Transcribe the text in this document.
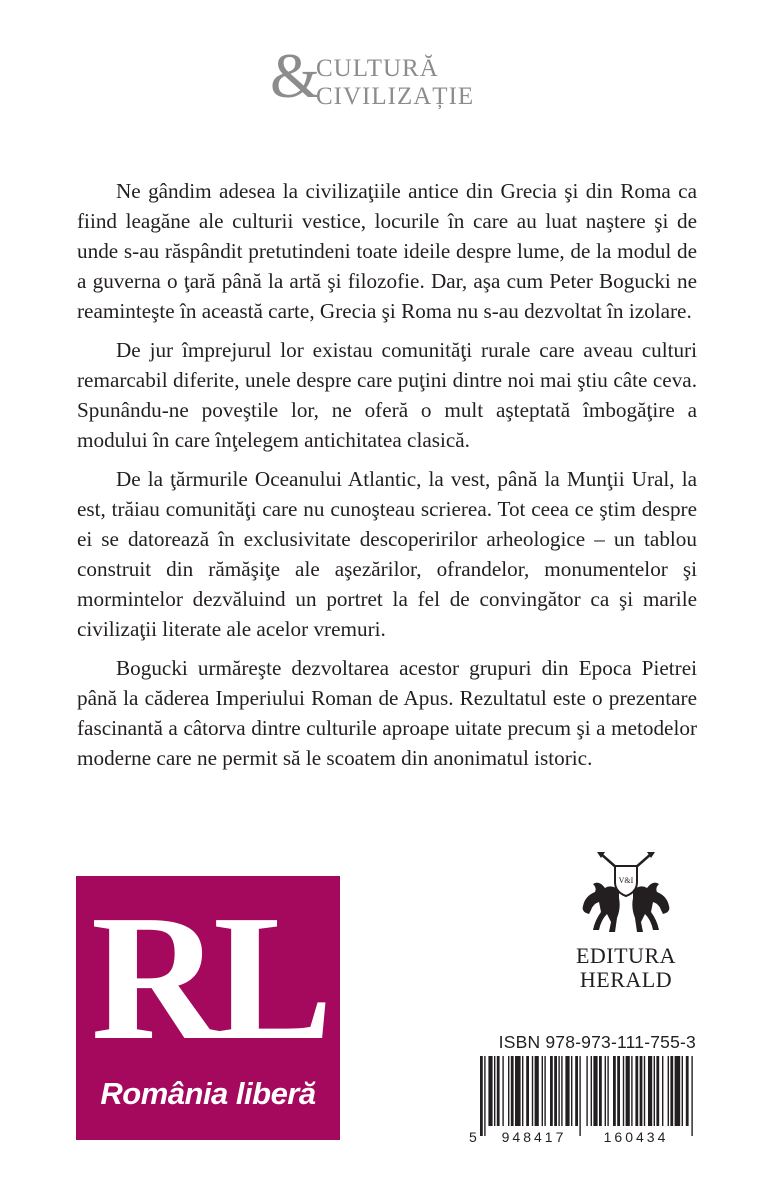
&
CULTURĂ
CIVILIZAȚIE

Ne gândim adesea la civilizaţiile antice din Grecia şi din Roma ca fiind leagăne ale culturii vestice, locurile în care au luat naştere şi de unde s-au răspândit pretutindeni toate ideile despre lume, de la modul de a guverna o ţară până la artă şi filozofie. Dar, aşa cum Peter Bogucki ne reaminteşte în această carte, Grecia şi Roma nu s-au dezvoltat în izolare.

De jur împrejurul lor existau comunităţi rurale care aveau culturi remarcabil diferite, unele despre care puţini dintre noi mai ştiu câte ceva. Spunându-ne poveştile lor, ne oferă o mult aşteptată îmbogăţire a modului în care înţelegem antichitatea clasică.

De la ţărmurile Oceanului Atlantic, la vest, până la Munţii Ural, la est, trăiau comunităţi care nu cunoşteau scrierea. Tot ceea ce ştim despre ei se datorează în exclusivitate descoperirilor arheologice – un tablou construit din rămăşiţe ale aşezărilor, ofrandelor, monumentelor şi mormintelor dezvăluind un portret la fel de convingător ca şi marile civilizaţii literate ale acelor vremuri.

Bogucki urmăreşte dezvoltarea acestor grupuri din Epoca Pietrei până la căderea Imperiului Roman de Apus. Rezultatul este o prezentare fascinantă a câtorva dintre culturile aproape uitate precum şi a metodelor moderne care ne permit să le scoatem din anonimatul istoric.

RL
România liberă
V&I
EDITURA
HERALD
ISBN 978-973-111-755-3
5 948417	160434
